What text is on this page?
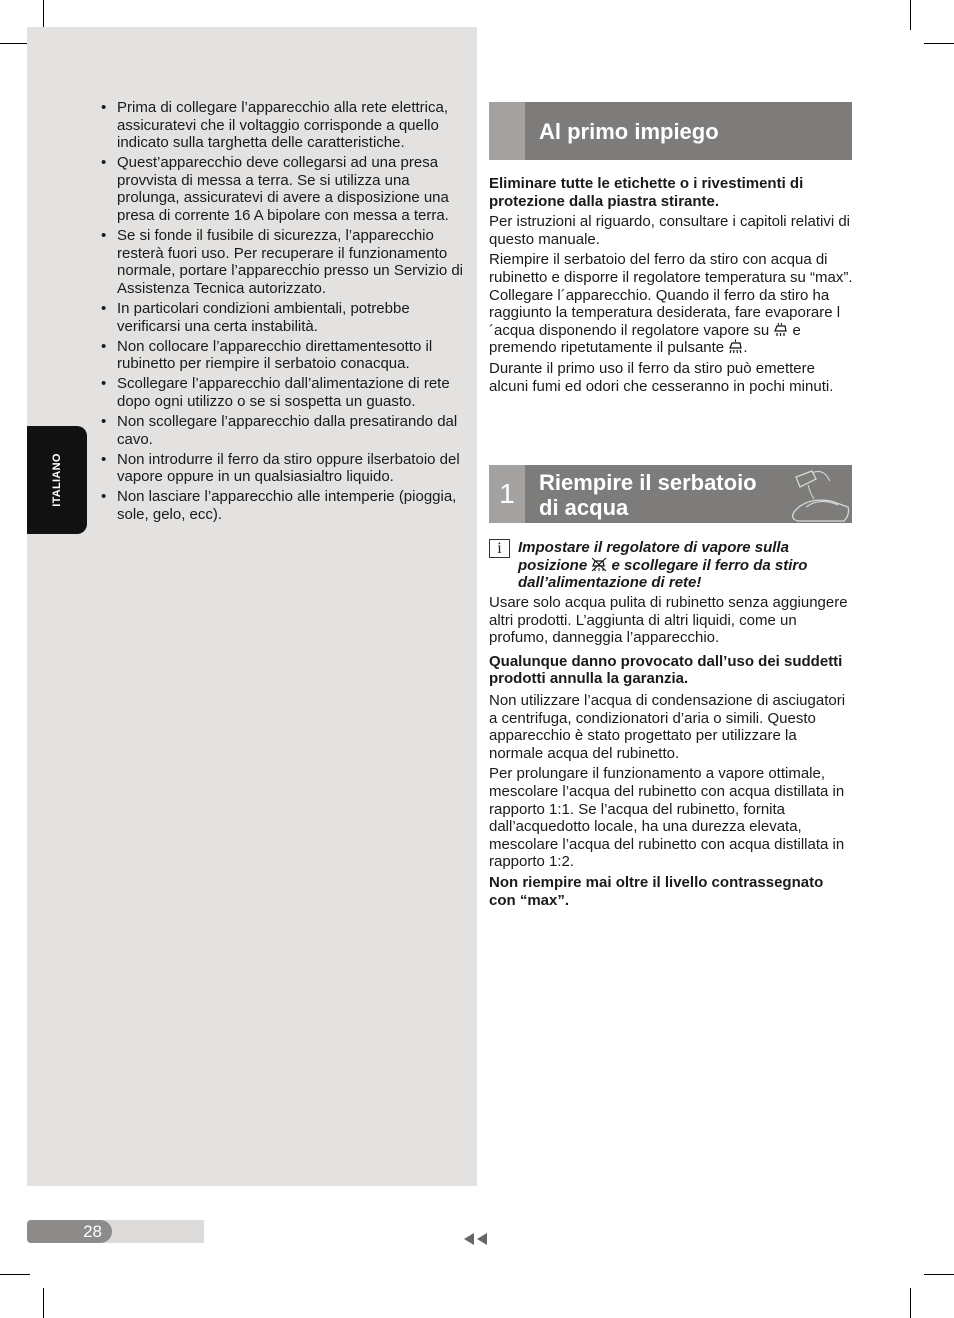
ITALIANO
• Prima di collegare l’apparecchio alla rete elettrica, assicuratevi che il voltaggio corrisponde a quello indicato sulla targhetta delle caratteristiche.
• Quest’apparecchio deve collegarsi ad una presa provvista di messa a terra. Se si utilizza una prolunga, assicuratevi di avere a disposizione una presa di corrente 16 A bipolare con messa a terra.
• Se si fonde il fusibile di sicurezza, l’apparecchio resterà fuori uso. Per recuperare il funzionamento normale, portare l’apparecchio presso un Servizio di Assistenza Tecnica autorizzato.
• In particolari condizioni ambientali, potrebbe verificarsi una certa instabilità.
• Non collocare l’apparecchio direttamentesotto il rubinetto per riempire il serbatoio conacqua.
• Scollegare l’apparecchio dall’alimentazione di rete dopo ogni utilizzo o se si sospetta un guasto.
• Non scollegare l’apparecchio dalla presatirando dal cavo.
• Non introdurre il ferro da stiro oppure ilserbatoio del vapore oppure in un qualsiasialtro liquido.
• Non lasciare l’apparecchio alle intemperie (pioggia, sole, gelo, ecc).
Al primo impiego

Eliminare tutte le etichette o i rivestimenti di protezione dalla piastra stirante.

Per istruzioni al riguardo, consultare i capitoli relativi di questo manuale.

Riempire il serbatoio del ferro da stiro con acqua di rubinetto e disporre il regolatore temperatura su “max”. Collegare l´apparecchio. Quando il ferro da stiro ha raggiunto la temperatura desiderata, fare evaporare l´acqua disponendo il regolatore vapore su e premendo ripetutamente il pulsante .

Durante il primo uso il ferro da stiro può emettere alcuni fumi ed odori che cesseranno in pochi minuti.

1	Riempire il serbatoio
di acqua
i	Impostare il regolatore di vapore sulla posizione e scollegare il ferro da stiro dall’alimentazione di rete!

Usare solo acqua pulita di rubinetto senza aggiungere altri prodotti. L’aggiunta di altri liquidi, come un profumo, danneggia l’apparecchio.

Qualunque danno provocato dall’uso dei suddetti prodotti annulla la garanzia.

Non utilizzare l’acqua di condensazione di asciugatori a centrifuga, condizionatori d’aria o simili. Questo apparecchio è stato progettato per utilizzare la normale acqua del rubinetto.

Per prolungare il funzionamento a vapore ottimale, mescolare l’acqua del rubinetto con acqua distillata in rapporto 1:1. Se l’acqua del rubinetto, fornita dall’acquedotto locale, ha una durezza elevata, mescolare l’acqua del rubinetto con acqua distillata in rapporto 1:2.

Non riempire mai oltre il livello contrassegnato con “max”.

28
